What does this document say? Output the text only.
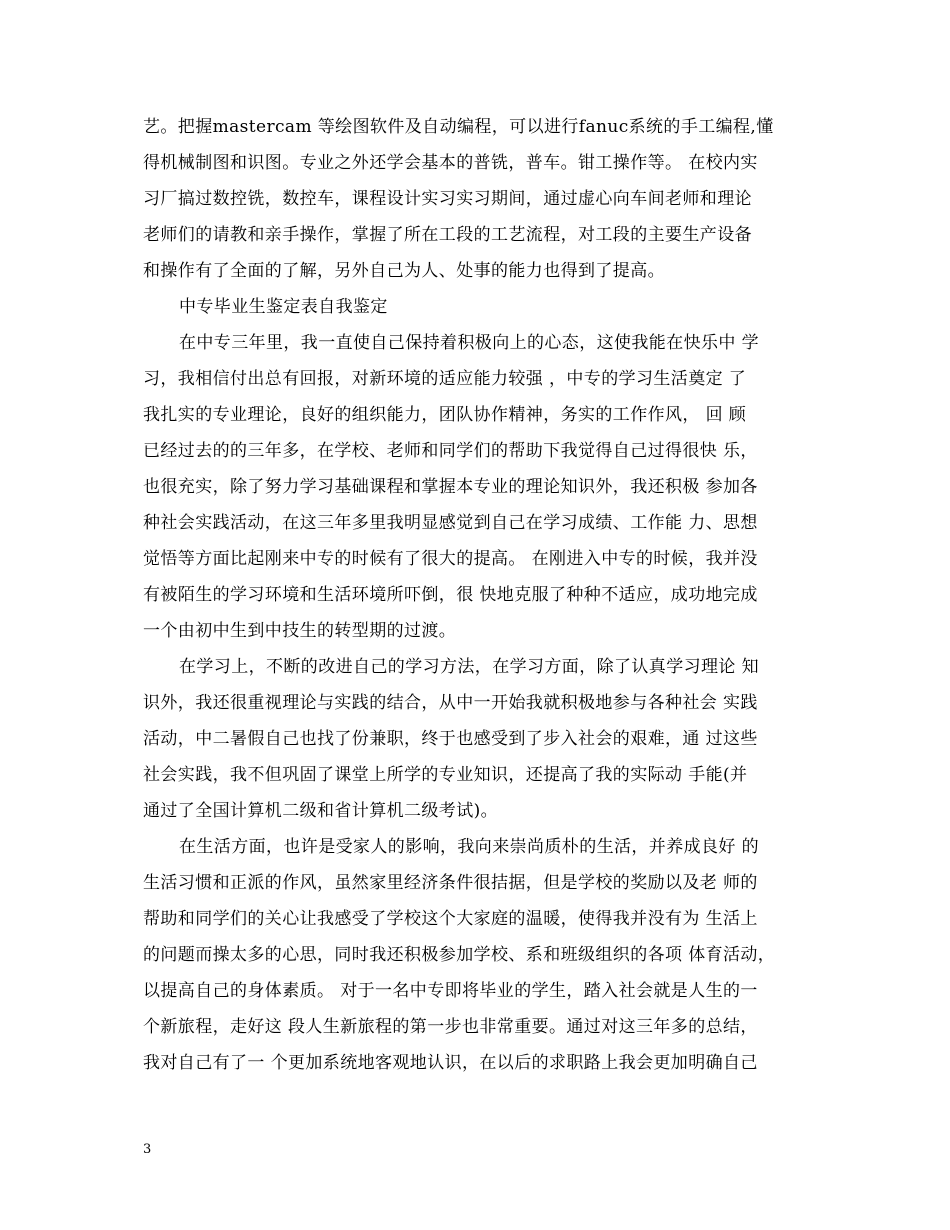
艺。把握mastercam 等绘图软件及自动编程，可以进行fanuc系统的手工编程,懂
得机械制图和识图。专业之外还学会基本的普铣，普车。钳工操作等。 在校内实
习厂搞过数控铣，数控车，课程设计实习实习期间，通过虚心向车间老师和理论
老师们的请教和亲手操作，掌握了所在工段的工艺流程，对工段的主要生产设备
和操作有了全面的了解，另外自己为人、处事的能力也得到了提高。
中专毕业生鉴定表自我鉴定
在中专三年里，我一直使自己保持着积极向上的心态，这使我能在快乐中 学
习，我相信付出总有回报，对新环境的适应能力较强 ，中专的学习生活奠定 了
我扎实的专业理论，良好的组织能力，团队协作精神，务实的工作作风， 回 顾
已经过去的的三年多，在学校、老师和同学们的帮助下我觉得自己过得很快 乐，
也很充实，除了努力学习基础课程和掌握本专业的理论知识外，我还积极 参加各
种社会实践活动，在这三年多里我明显感觉到自己在学习成绩、工作能 力、思想
觉悟等方面比起刚来中专的时候有了很大的提高。 在刚进入中专的时候，我并没
有被陌生的学习环境和生活环境所吓倒，很 快地克服了种种不适应，成功地完成
一个由初中生到中技生的转型期的过渡。
在学习上，不断的改进自己的学习方法，在学习方面，除了认真学习理论 知
识外，我还很重视理论与实践的结合，从中一开始我就积极地参与各种社会 实践
活动，中二暑假自己也找了份兼职，终于也感受到了步入社会的艰难，通 过这些
社会实践，我不但巩固了课堂上所学的专业知识，还提高了我的实际动 手能(并
通过了全国计算机二级和省计算机二级考试)。
在生活方面，也许是受家人的影响，我向来崇尚质朴的生活，并养成良好 的
生活习惯和正派的作风，虽然家里经济条件很拮据，但是学校的奖励以及老 师的
帮助和同学们的关心让我感受了学校这个大家庭的温暖，使得我并没有为 生活上
的问题而操太多的心思，同时我还积极参加学校、系和班级组织的各项 体育活动，
以提高自己的身体素质。 对于一名中专即将毕业的学生，踏入社会就是人生的一
个新旅程，走好这 段人生新旅程的第一步也非常重要。通过对这三年多的总结，
我对自己有了一 个更加系统地客观地认识，在以后的求职路上我会更加明确自己
3
